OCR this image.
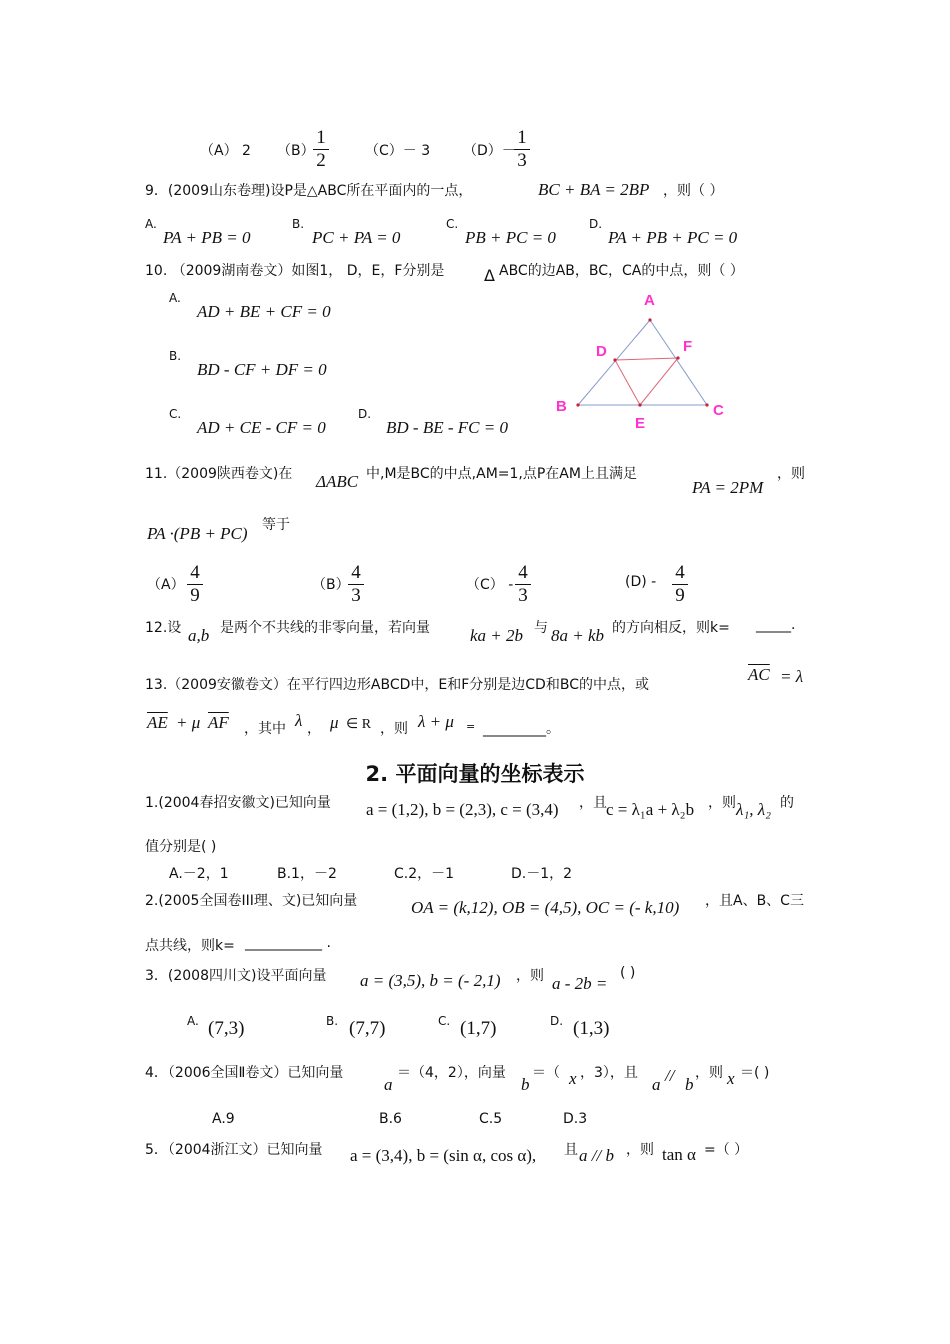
（A） 2 （B）
$\frac{1}{2}$	（C）－ 3 （D）－
$\frac{1}{3}$
9．(2009山东卷理)设P是△ABC所在平面内的一点，	BC + BA = 2BP ，则（ ）
A.
PA + PB = 0
B.
PC + PA = 0
C.
PB + PC = 0
D.
PA + PB + PC = 0
10. （2009湖南卷文）如图1， D，E，F分别是 Δ ABC的边AB，BC，CA的中点，则（ ）
A.
AD + BE + CF = 0
B.
BD - CF + DF = 0
C.
AD + CE - CF = 0
D.
BD - BE - FC = 0
A
B	C
D
E
F
11.（2009陕西卷文)在 ΔABC 中,M是BC的中点,AM=1,点P在AM上且满足
PA = 2PM
，则
PA ·(PB + PC) 等于
$(A) \frac{4}{9}$	（B）
$\frac{4}{3}$	$(C) - \frac{4}{3}$	$(D) - \frac{4}{9}$
12.设 a,b 是两个不共线的非零向量，若向量 ka + 2b 与 8a + kb 的方向相反，则k= _____.
13.（2009安徽卷文）在平行四边形ABCD中，E和F分别是边CD和BC的中点，或
$\overline{AC} = \lambda$
$\overline{AE} + \mu$ $\overline{AF}$ ，其中 λ ， μ ∈ R ，则 λ + μ = _________。
2. 平面向量的坐标表示
1.(2004春招安徽文)已知向量 a = (1,2), b = (2,3), c = (3,4) ，且 c = λ₁a + λ₂b ，则 λ₁, λ₂ 的
值分别是( )
A.－2，1	B.1，－2	C.2，－1	D.－1，2
2.(2005全国卷III理、文)已知向量	OA = (k,12), OB = (4,5), OC = (- k,10) ，且A、B、C三
点共线，则k= ___________ .
3．(2008四川文)设平面向量 a = (3,5), b = (- 2,1) ，则 a - 2b =
( )
A. (7,3)	B. (7,7)	C. (1,7)	D. (1,3)
4．（2006全国Ⅱ卷文）已知向量
a
＝（4，2），向量
b
＝（ x ，3），且
a // b
，则 x ＝( )
A.9	B.6	C.5	D.3
5．（2004浙江文）已知向量 a = (3,4), b = (sin α, cos α), 且 a // b ，则 tan α =（ ）
